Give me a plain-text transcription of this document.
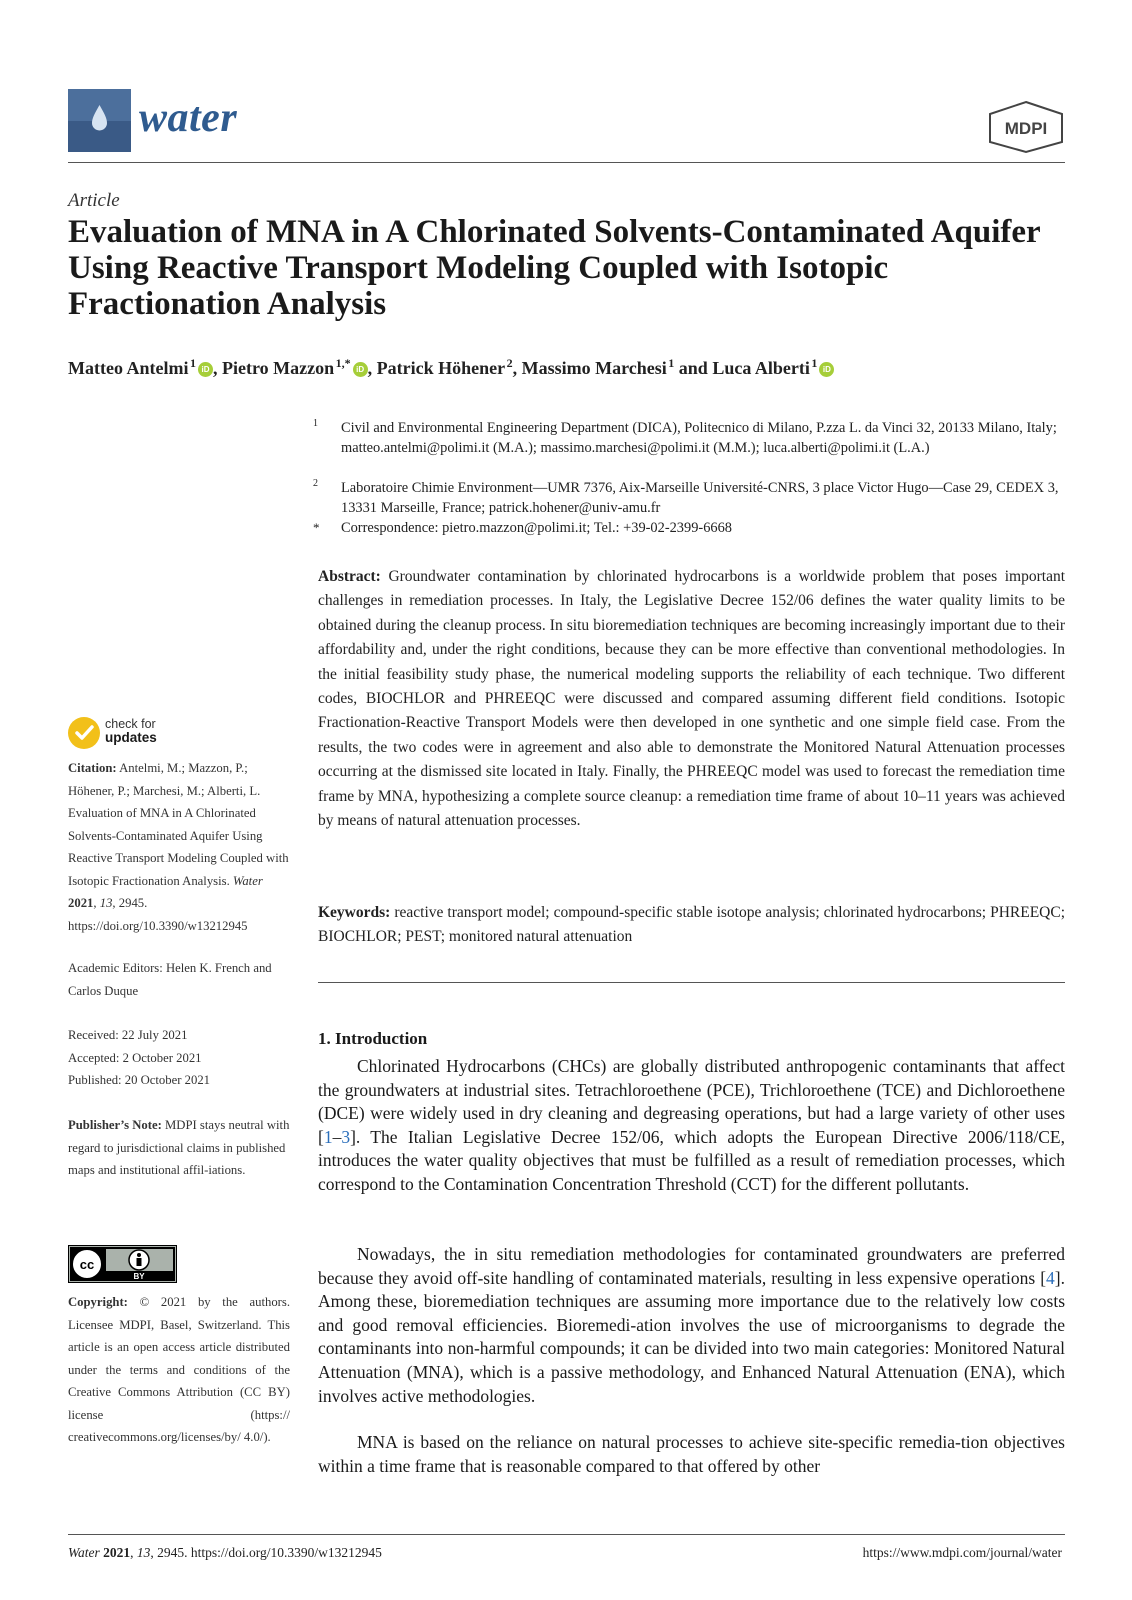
water	MDPI
Article
Evaluation of MNA in A Chlorinated Solvents-Contaminated Aquifer Using Reactive Transport Modeling Coupled with Isotopic Fractionation Analysis
Matteo Antelmi  $^1$ iD , Pietro Mazzon  $^{1,*}$ iD , Patrick Höhener  $^2$, Massimo Marchesi  $^1$ and Luca Alberti  $^1$ iD
1 Civil and Environmental Engineering Department (DICA), Politecnico di Milano, P.zza L. da Vinci 32, 20133 Milano, Italy; matteo.antelmi@polimi.it (M.A.); massimo.marchesi@polimi.it (M.M.); luca.alberti@polimi.it (L.A.)
2 Laboratoire Chimie Environment—UMR 7376, Aix-Marseille Université-CNRS, 3 place Victor Hugo—Case 29, CEDEX 3, 13331 Marseille, France; patrick.hohener@univ-amu.fr
* Correspondence: pietro.mazzon@polimi.it; Tel.: +39-02-2399-6668
Abstract: Groundwater contamination by chlorinated hydrocarbons is a worldwide problem that poses important challenges in remediation processes. In Italy, the Legislative Decree 152/06 defines the water quality limits to be obtained during the cleanup process. In situ bioremediation techniques are becoming increasingly important due to their affordability and, under the right conditions, because they can be more effective than conventional methodologies. In the initial feasibility study phase, the numerical modeling supports the reliability of each technique. Two different codes, BIOCHLOR and PHREEQC were discussed and compared assuming different field conditions. Isotopic Fractionation-Reactive Transport Models were then developed in one synthetic and one simple field case. From the results, the two codes were in agreement and also able to demonstrate the Monitored Natural Attenuation processes occurring at the dismissed site located in Italy. Finally, the PHREEQC model was used to forecast the remediation time frame by MNA, hypothesizing a complete source cleanup: a remediation time frame of about 10–11 years was achieved by means of natural attenuation processes.
Keywords: reactive transport model; compound-specific stable isotope analysis; chlorinated hydrocarbons; PHREEQC; BIOCHLOR; PEST; monitored natural attenuation
1. Introduction
Chlorinated Hydrocarbons (CHCs) are globally distributed anthropogenic contaminants that affect the groundwaters at industrial sites. Tetrachloroethene (PCE), Trichloroethene (TCE) and Dichloroethene (DCE) were widely used in dry cleaning and degreasing operations, but had a large variety of other uses [1–3]. The Italian Legislative Decree 152/06, which adopts the European Directive 2006/118/CE, introduces the water quality objectives that must be fulfilled as a result of remediation processes, which correspond to the Contamination Concentration Threshold (CCT) for the different pollutants.
Nowadays, the in situ remediation methodologies for contaminated groundwaters are preferred because they avoid off-site handling of contaminated materials, resulting in less expensive operations [4]. Among these, bioremediation techniques are assuming more importance due to the relatively low costs and good removal efficiencies. Bioremedi-ation involves the use of microorganisms to degrade the contaminants into non-harmful compounds; it can be divided into two main categories: Monitored Natural Attenuation (MNA), which is a passive methodology, and Enhanced Natural Attenuation (ENA), which involves active methodologies.
MNA is based on the reliance on natural processes to achieve site-specific remedia-tion objectives within a time frame that is reasonable compared to that offered by other
check for
updates
Citation: Antelmi, M.; Mazzon, P.; Höhener, P.; Marchesi, M.; Alberti, L. Evaluation of MNA in A Chlorinated Solvents-Contaminated Aquifer Using Reactive Transport Modeling Coupled with Isotopic Fractionation Analysis. Water 2021, 13, 2945. https://doi.org/10.3390/w13212945
Academic Editors: Helen K. French and Carlos Duque
Received: 22 July 2021
Accepted: 2 October 2021
Published: 20 October 2021
Publisher’s Note: MDPI stays neutral with regard to jurisdictional claims in published maps and institutional affil-iations.
cc
BY
Copyright: © 2021 by the authors. Licensee MDPI, Basel, Switzerland. This article is an open access article distributed under the terms and conditions of the Creative Commons Attribution (CC BY) license (https:// creativecommons.org/licenses/by/ 4.0/).
Water 2021, 13, 2945. https://doi.org/10.3390/w13212945	https://www.mdpi.com/journal/water
